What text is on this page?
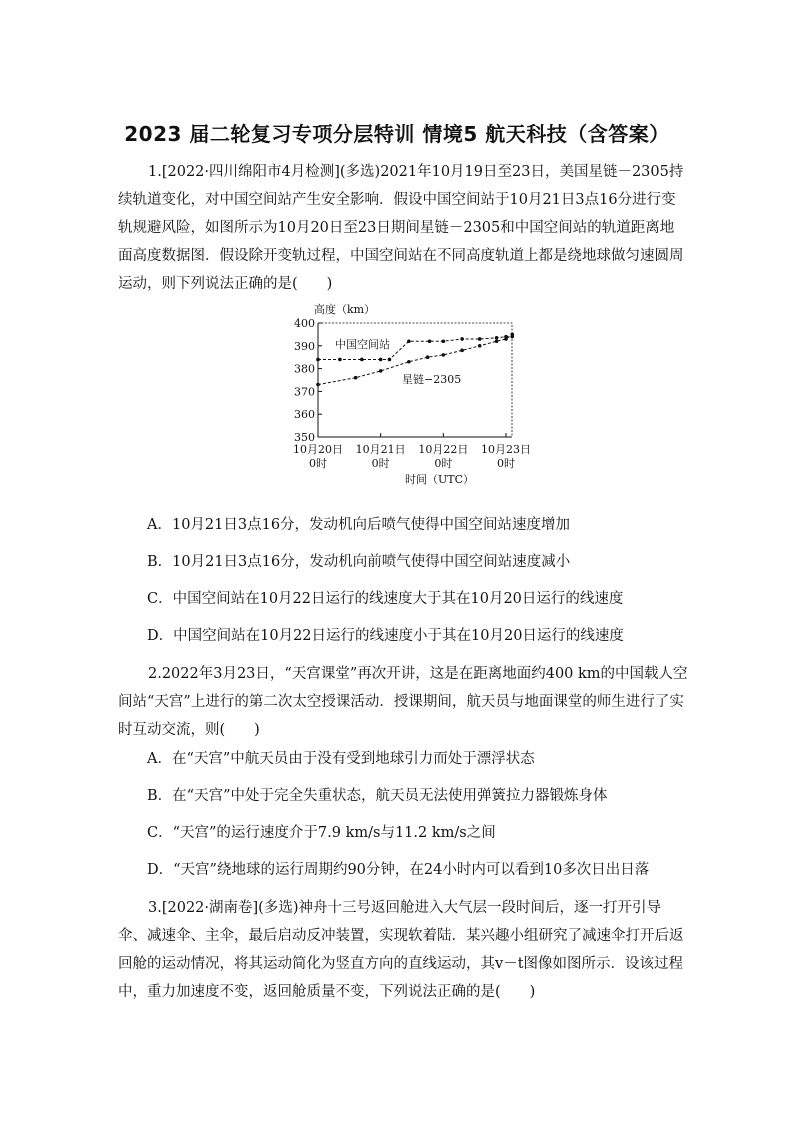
2023 届二轮复习专项分层特训 情境5 航天科技（含答案）

1.[2022·四川绵阳市4月检测](多选)2021年10月19日至23日，美国星链－2305持续轨道变化，对中国空间站产生安全影响．假设中国空间站于10月21日3点16分进行变轨规避风险，如图所示为10月20日至23日期间星链－2305和中国空间站的轨道距离地面高度数据图．假设除开变轨过程，中国空间站在不同高度轨道上都是绕地球做匀速圆周运动，则下列说法正确的是(　　)

高度（km）
350
360
370
380
390
400
10月20日
0时
10月21日
0时
10月22日
0时
10月23日
0时
中国空间站
星链−2305
时间（UTC）

A．10月21日3点16分，发动机向后喷气使得中国空间站速度增加

B．10月21日3点16分，发动机向前喷气使得中国空间站速度减小

C．中国空间站在10月22日运行的线速度大于其在10月20日运行的线速度

D．中国空间站在10月22日运行的线速度小于其在10月20日运行的线速度

2.2022年3月23日，“天宫课堂”再次开讲，这是在距离地面约400 km的中国载人空间站“天宫”上进行的第二次太空授课活动．授课期间，航天员与地面课堂的师生进行了实时互动交流，则(　　)

A．在“天宫”中航天员由于没有受到地球引力而处于漂浮状态

B．在“天宫”中处于完全失重状态，航天员无法使用弹簧拉力器锻炼身体

C．“天宫”的运行速度介于7.9 km/s与11.2 km/s之间

D．“天宫”绕地球的运行周期约90分钟，在24小时内可以看到10多次日出日落

3.[2022·湖南卷](多选)神舟十三号返回舱进入大气层一段时间后，逐一打开引导伞、减速伞、主伞，最后启动反冲装置，实现软着陆．某兴趣小组研究了减速伞打开后返回舱的运动情况，将其运动简化为竖直方向的直线运动，其v－t图像如图所示．设该过程中，重力加速度不变，返回舱质量不变，下列说法正确的是(　　)
